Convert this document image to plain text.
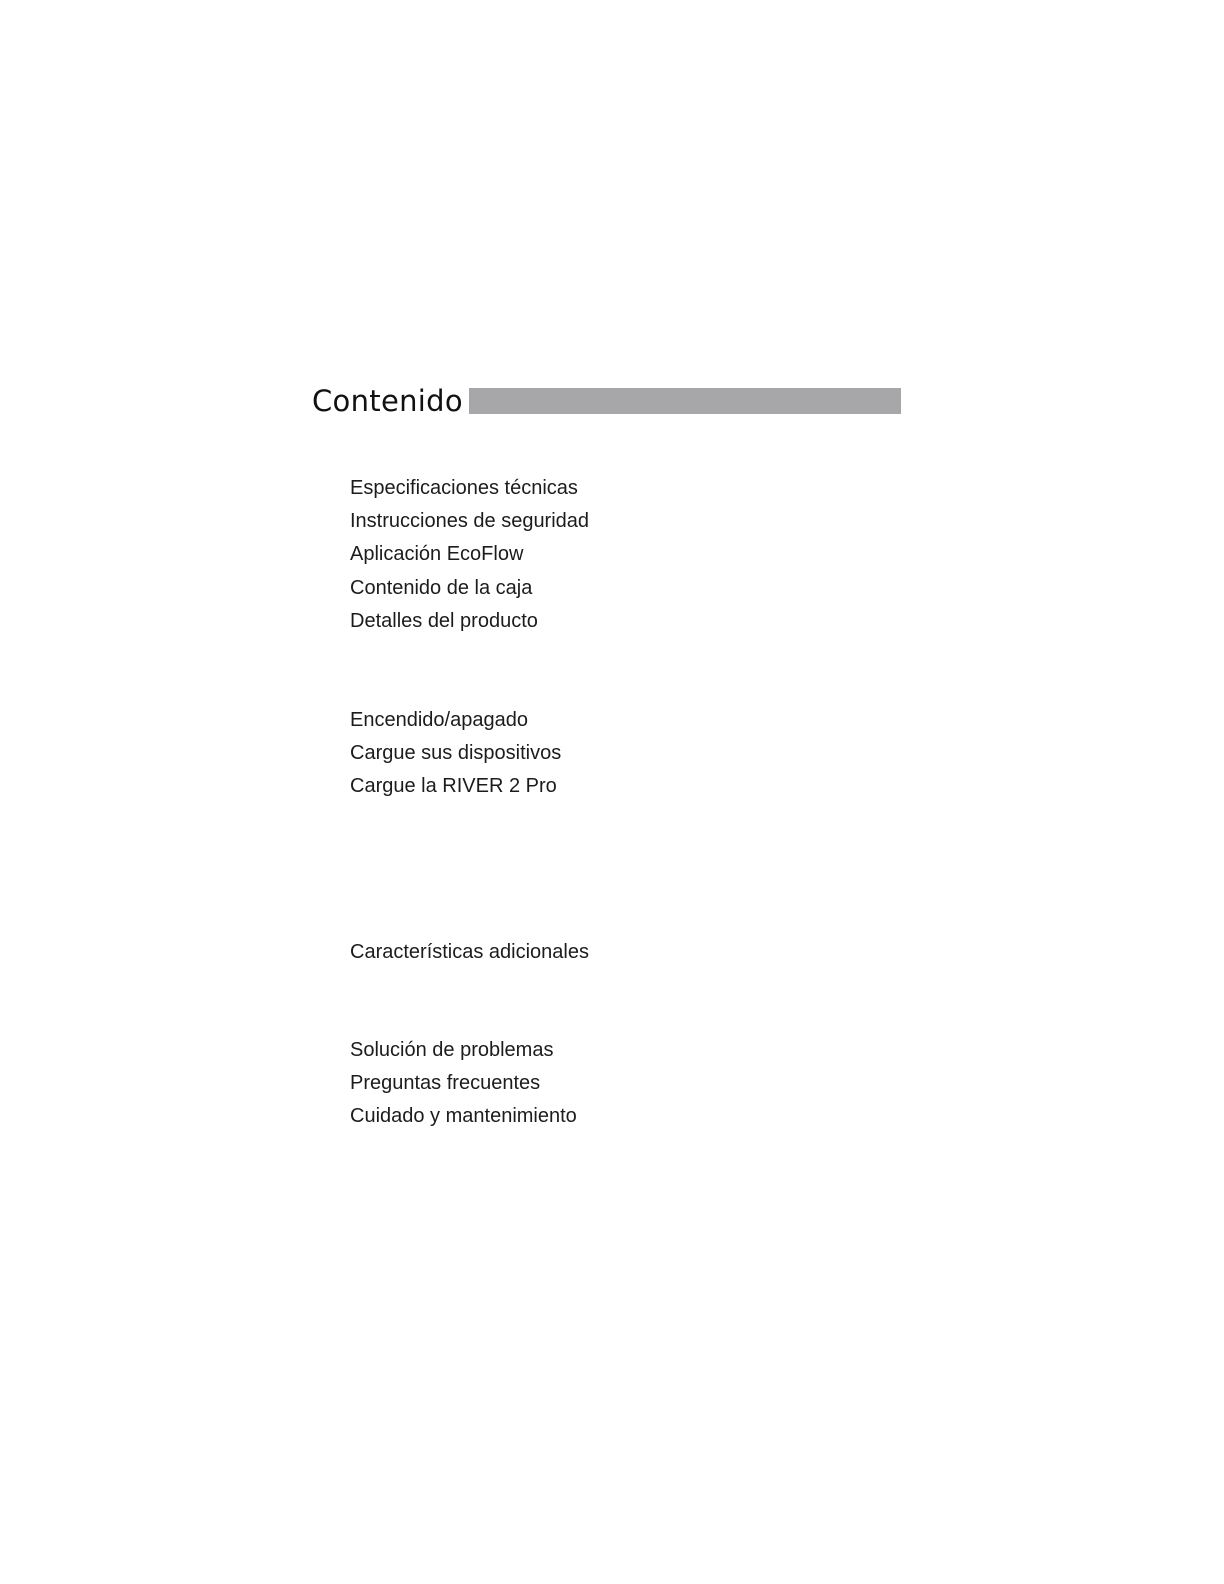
Contenido
Especificaciones técnicas
Instrucciones de seguridad
Aplicación EcoFlow
Contenido de la caja
Detalles del producto
Encendido/apagado
Cargue sus dispositivos
Cargue la RIVER 2 Pro
Características adicionales
Solución de problemas
Preguntas frecuentes
Cuidado y mantenimiento
